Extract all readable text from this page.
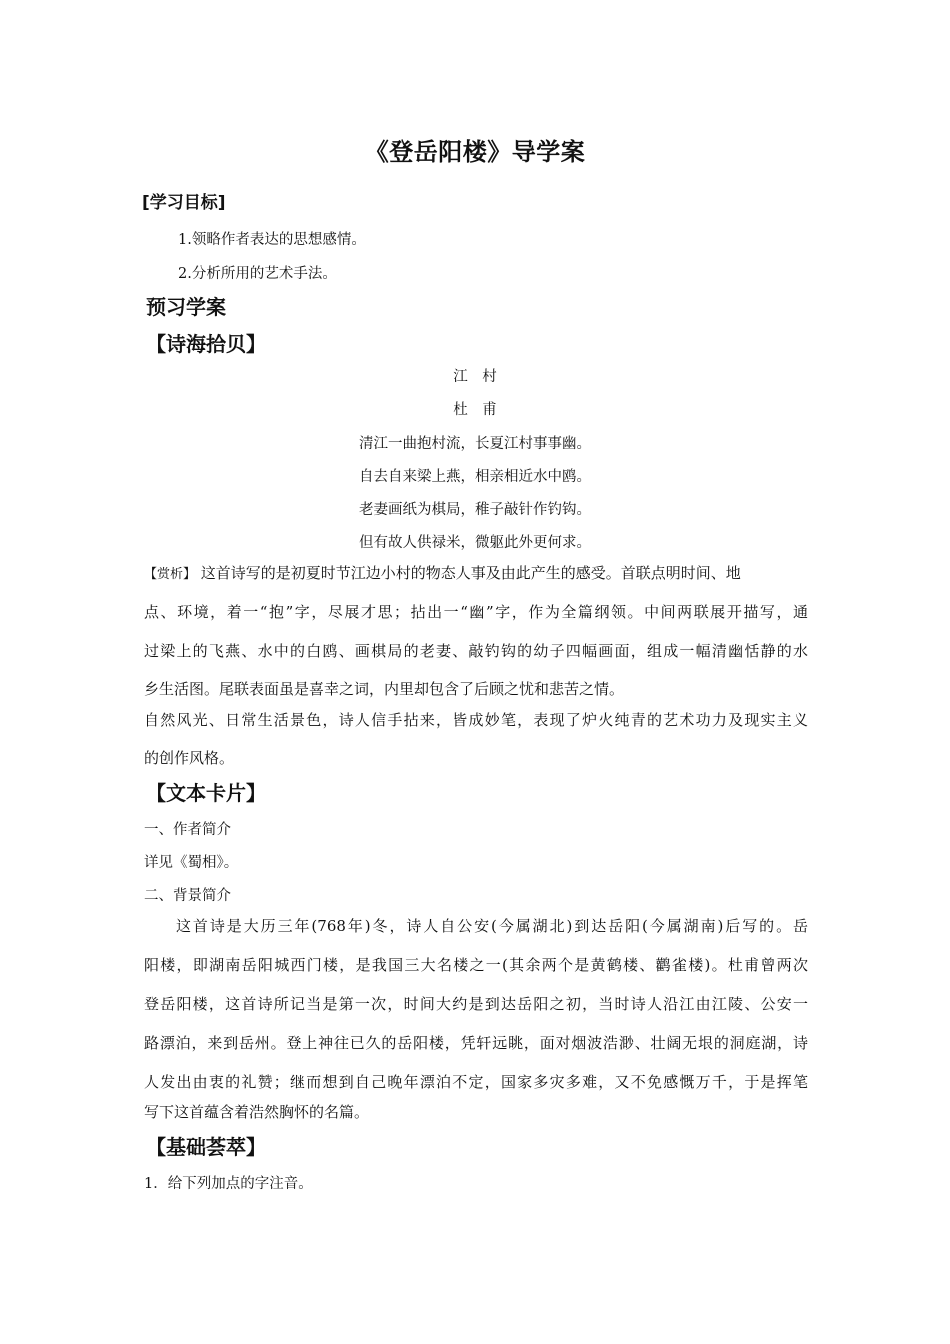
《登岳阳楼》导学案
[学习目标]
1.领略作者表达的思想感情。
2.分析所用的艺术手法。
预习学案
【诗海拾贝】
江　村
杜　甫
清江一曲抱村流，长夏江村事事幽。
自去自来梁上燕，相亲相近水中鸥。
老妻画纸为棋局，稚子敲针作钓钩。
但有故人供禄米，微躯此外更何求。
【赏析】 这首诗写的是初夏时节江边小村的物态人事及由此产生的感受。首联点明时间、地
点、环境，着一“抱”字，尽展才思；拈出一“幽”字，作为全篇纲领。中间两联展开描写，通
过梁上的飞燕、水中的白鸥、画棋局的老妻、敲钓钩的幼子四幅画面，组成一幅清幽恬静的水
乡生活图。尾联表面虽是喜幸之词，内里却包含了后顾之忧和悲苦之情。
自然风光、日常生活景色，诗人信手拈来，皆成妙笔，表现了炉火纯青的艺术功力及现实主义
的创作风格。
【文本卡片】
一、作者简介
详见《蜀相》。
二、背景简介
这首诗是大历三年(768年)冬，诗人自公安(今属湖北)到达岳阳(今属湖南)后写的。岳
阳楼，即湖南岳阳城西门楼，是我国三大名楼之一(其余两个是黄鹤楼、鹳雀楼)。杜甫曾两次
登岳阳楼，这首诗所记当是第一次，时间大约是到达岳阳之初，当时诗人沿江由江陵、公安一
路漂泊，来到岳州。登上神往已久的岳阳楼，凭轩远眺，面对烟波浩渺、壮阔无垠的洞庭湖，诗
人发出由衷的礼赞；继而想到自己晚年漂泊不定，国家多灾多难，又不免感慨万千，于是挥笔
写下这首蕴含着浩然胸怀的名篇。
【基础荟萃】
1．给下列加点的字注音。
